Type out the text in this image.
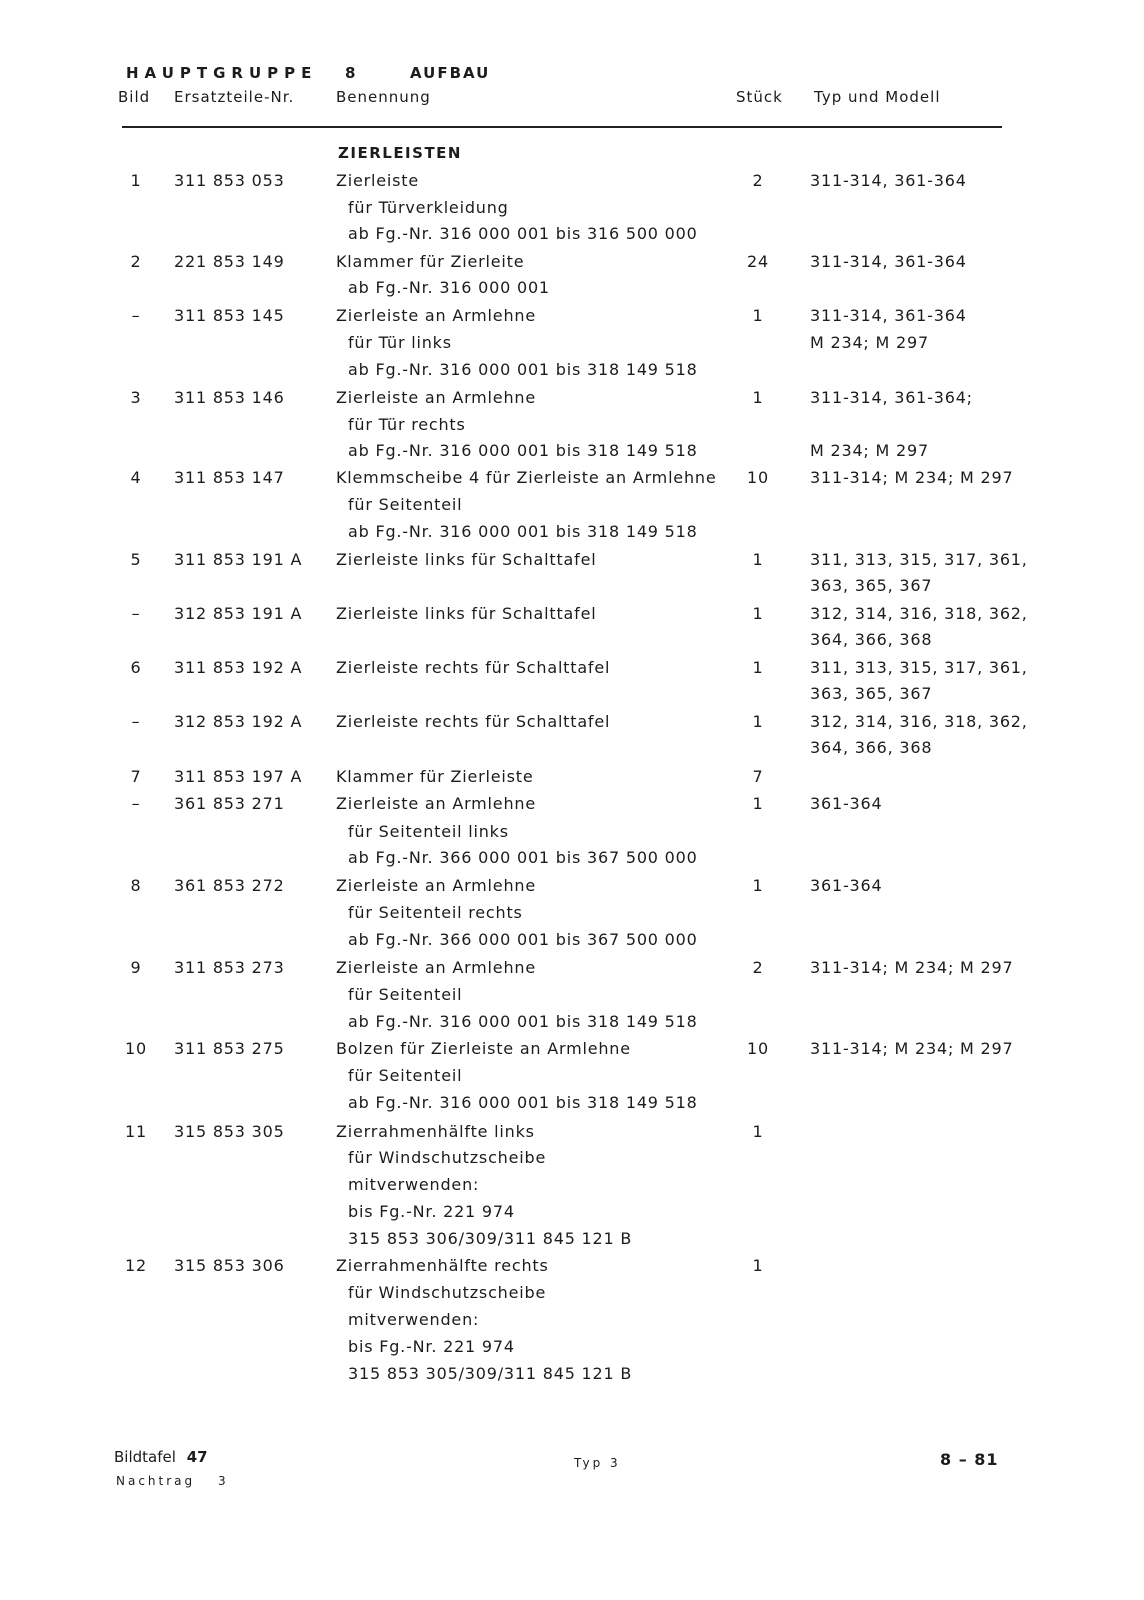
HAUPTGRUPPE 8	AUFBAU
Bild Ersatzteile-Nr.	Benennung	Stück Typ und Modell
ZIERLEISTEN
1	311 853 053	Zierleiste	2	311-314, 361-364
für Türverkleidung
ab Fg.-Nr. 316 000 001 bis 316 500 000
2	221 853 149	Klammer für Zierleite	24	311-314, 361-364
ab Fg.-Nr. 316 000 001
–	311 853 145	Zierleiste an Armlehne	1	311-314, 361-364
für Tür links	M 234; M 297
ab Fg.-Nr. 316 000 001 bis 318 149 518
3	311 853 146	Zierleiste an Armlehne	1	311-314, 361-364;
für Tür rechts
ab Fg.-Nr. 316 000 001 bis 318 149 518	M 234; M 297
4	311 853 147	Klemmscheibe 4 für Zierleiste an Armlehne	10	311-314; M 234; M 297
für Seitenteil
ab Fg.-Nr. 316 000 001 bis 318 149 518
5	311 853 191 A Zierleiste links für Schalttafel	1	311, 313, 315, 317, 361,
363, 365, 367
–	312 853 191 A Zierleiste links für Schalttafel	1	312, 314, 316, 318, 362,
364, 366, 368
6	311 853 192 A Zierleiste rechts für Schalttafel	1	311, 313, 315, 317, 361,
363, 365, 367
–	312 853 192 A Zierleiste rechts für Schalttafel	1	312, 314, 316, 318, 362,
364, 366, 368
7	311 853 197 A Klammer für Zierleiste	7
–	361 853 271	Zierleiste an Armlehne	1	361-364
für Seitenteil links
ab Fg.-Nr. 366 000 001 bis 367 500 000
8	361 853 272	Zierleiste an Armlehne	1	361-364
für Seitenteil rechts
ab Fg.-Nr. 366 000 001 bis 367 500 000
9	311 853 273	Zierleiste an Armlehne	2	311-314; M 234; M 297
für Seitenteil
ab Fg.-Nr. 316 000 001 bis 318 149 518
10	311 853 275	Bolzen für Zierleiste an Armlehne	10	311-314; M 234; M 297
für Seitenteil
ab Fg.-Nr. 316 000 001 bis 318 149 518
11	315 853 305	Zierrahmenhälfte links	1
für Windschutzscheibe
mitverwenden:
bis Fg.-Nr. 221 974
315 853 306/309/311 845 121 B
12	315 853 306	Zierrahmenhälfte rechts	1
für Windschutzscheibe
mitverwenden:
bis Fg.-Nr. 221 974
315 853 305/309/311 845 121 B
Bildtafel 47
Nachtrag 3
Typ 3	8 – 81
